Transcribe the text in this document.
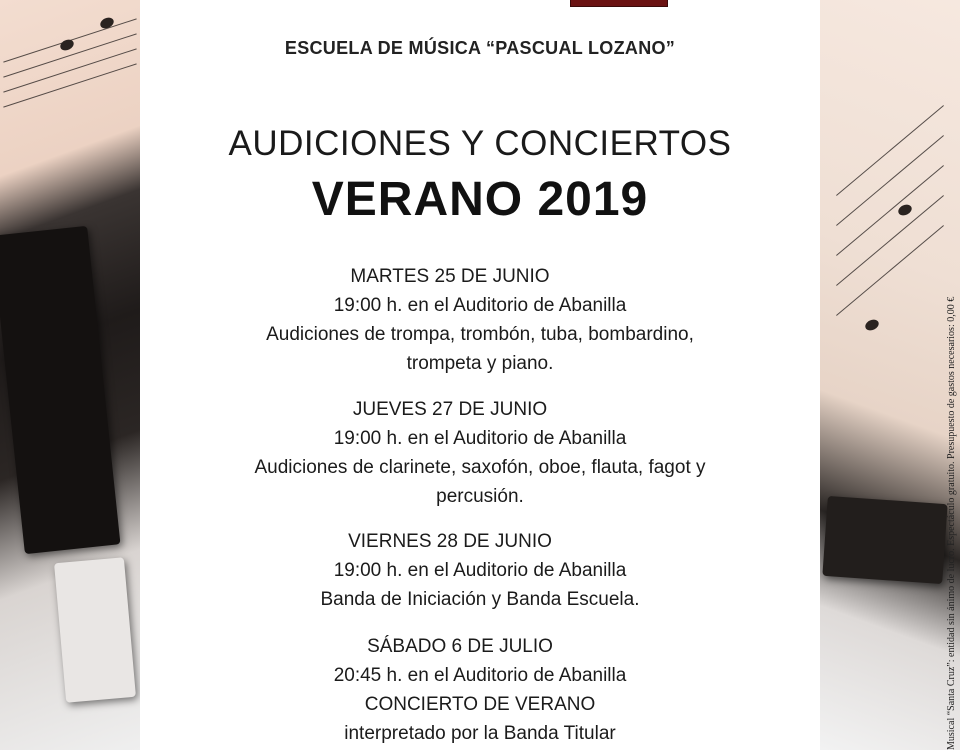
Musical “Santa Cruz”: entidad sin ánimo de lucro. Espectáculo gratuito. Presupuesto de gastos necesarios: 0,00 €
ESCUELA DE MÚSICA “PASCUAL LOZANO”
AUDICIONES Y CONCIERTOS
VERANO 2019
MARTES 25 DE JUNIO
19:00 h. en el Auditorio de Abanilla
Audiciones de trompa, trombón, tuba, bombardino,
trompeta y piano.
JUEVES 27 DE JUNIO
19:00 h. en el Auditorio de Abanilla
Audiciones de clarinete, saxofón, oboe, flauta, fagot y
percusión.
VIERNES 28 DE JUNIO
19:00 h. en el Auditorio de Abanilla
Banda de Iniciación y Banda Escuela.
SÁBADO 6 DE JULIO
20:45 h. en el Auditorio de Abanilla
CONCIERTO DE VERANO
interpretado por la Banda Titular
